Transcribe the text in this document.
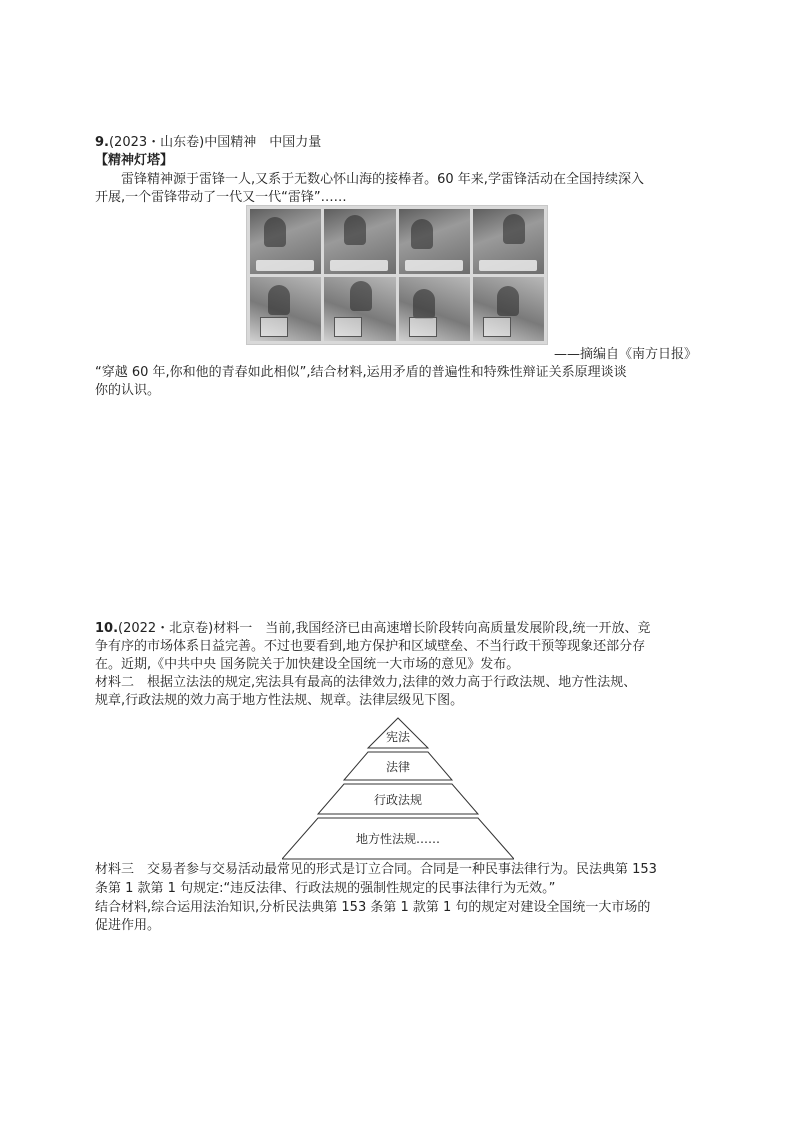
9.(2023・山东卷)中国精神　中国力量
【精神灯塔】
雷锋精神源于雷锋一人,又系于无数心怀山海的接棒者。60 年来,学雷锋活动在全国持续深入
开展,一个雷锋带动了一代又一代“雷锋”……
——摘编自《南方日报》
“穿越 60 年,你和他的青春如此相似”,结合材料,运用矛盾的普遍性和特殊性辩证关系原理谈谈
你的认识。
10.(2022・北京卷)材料一　当前,我国经济已由高速增长阶段转向高质量发展阶段,统一开放、竞
争有序的市场体系日益完善。不过也要看到,地方保护和区域壁垒、不当行政干预等现象还部分存
在。近期,《中共中央 国务院关于加快建设全国统一大市场的意见》发布。
材料二　根据立法法的规定,宪法具有最高的法律效力,法律的效力高于行政法规、地方性法规、
规章,行政法规的效力高于地方性法规、规章。法律层级见下图。
宪法
法律
行政法规
地方性法规……
材料三　交易者参与交易活动最常见的形式是订立合同。合同是一种民事法律行为。民法典第 153
条第 1 款第 1 句规定:“违反法律、行政法规的强制性规定的民事法律行为无效。”
结合材料,综合运用法治知识,分析民法典第 153 条第 1 款第 1 句的规定对建设全国统一大市场的
促进作用。
